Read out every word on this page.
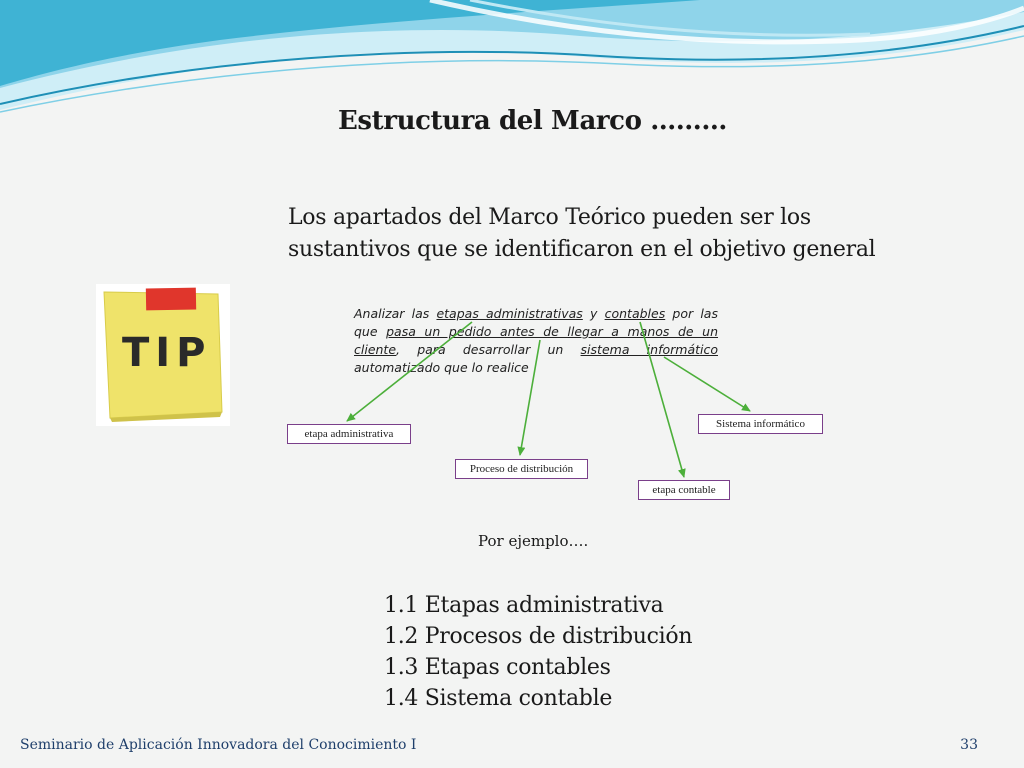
Estructura del Marco ………
Los apartados del Marco Teórico pueden ser los
sustantivos que se identificaron en el objetivo general
TIP
Analizar las etapas administrativas y contables por las que pasa un pedido antes de llegar a manos de un cliente, para desarrollar un sistema informático automatizado que lo realice
etapa administrativa
Proceso de distribución
Sistema informático
etapa contable
Por ejemplo….
1.1 Etapas administrativa
1.2 Procesos de distribución
1.3 Etapas contables
1.4 Sistema contable
Seminario de Aplicación Innovadora del Conocimiento I	33
